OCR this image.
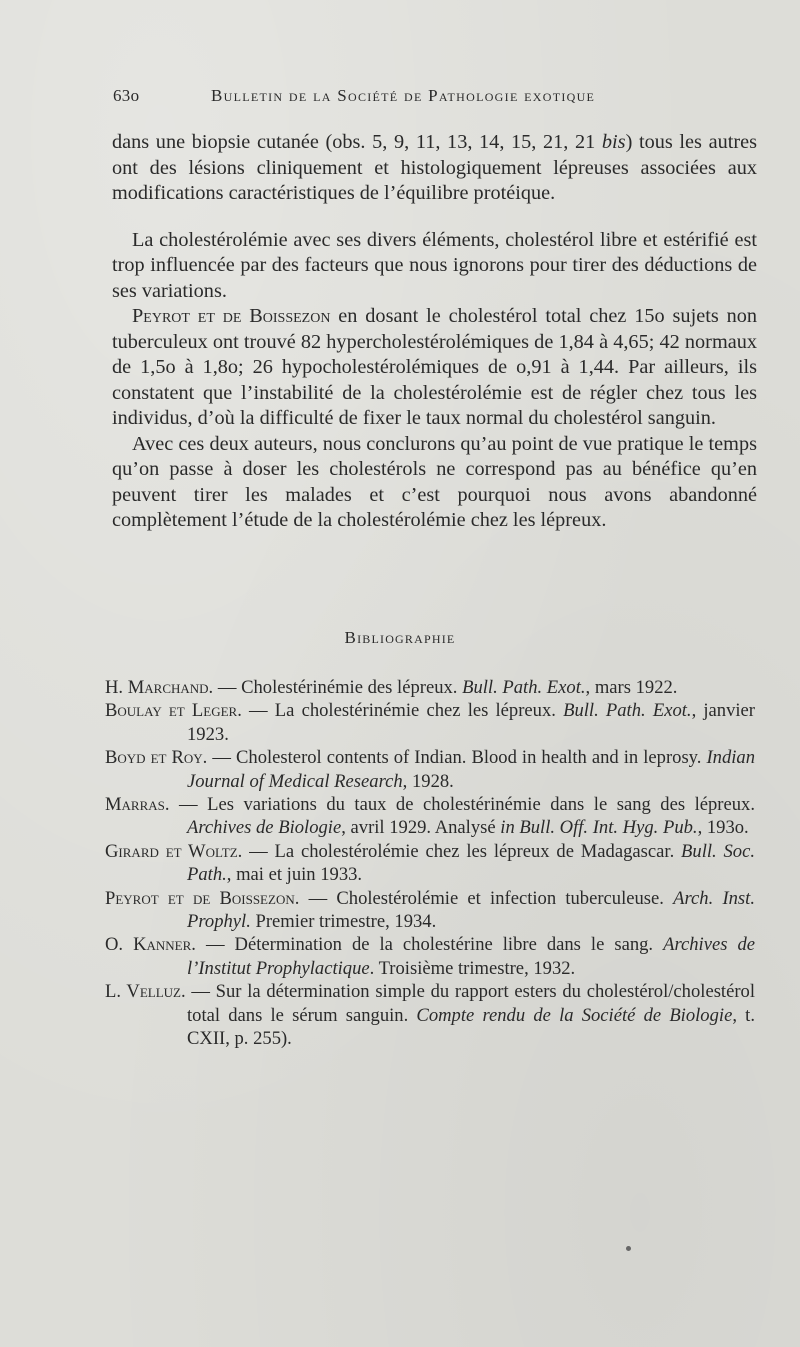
63o	Bulletin de la Société de Pathologie exotique

dans une biopsie cutanée (obs. 5, 9, 11, 13, 14, 15, 21, 21 bis) tous les autres ont des lésions cliniquement et histologiquement lépreuses associées aux modifications caractéristiques de l’équilibre protéique.

La cholestérolémie avec ses divers éléments, cholestérol libre et estérifié est trop influencée par des facteurs que nous ignorons pour tirer des déductions de ses variations.

Peyrot et de Boissezon en dosant le cholestérol total chez 15o sujets non tuberculeux ont trouvé 82 hypercholestérolémiques de 1,84 à 4,65; 42 normaux de 1,5o à 1,8o; 26 hypocholestérolémiques de o,91 à 1,44. Par ailleurs, ils constatent que l’instabilité de la cholestérolémie est de régler chez tous les individus, d’où la difficulté de fixer le taux normal du cholestérol sanguin.

Avec ces deux auteurs, nous conclurons qu’au point de vue pratique le temps qu’on passe à doser les cholestérols ne correspond pas au bénéfice qu’en peuvent tirer les malades et c’est pourquoi nous avons abandonné complètement l’étude de la cholestérolémie chez les lépreux.

Bibliographie

H. Marchand. — Cholestérinémie des lépreux. Bull. Path. Exot., mars 1922.

Boulay et Leger. — La cholestérinémie chez les lépreux. Bull. Path. Exot., janvier 1923.

Boyd et Roy. — Cholesterol contents of Indian. Blood in health and in leprosy. Indian Journal of Medical Research, 1928.

Marras. — Les variations du taux de cholestérinémie dans le sang des lépreux. Archives de Biologie, avril 1929. Analysé in Bull. Off. Int. Hyg. Pub., 193o.

Girard et Woltz. — La cholestérolémie chez les lépreux de Madagascar. Bull. Soc. Path., mai et juin 1933.

Peyrot et de Boissezon. — Cholestérolémie et infection tuberculeuse. Arch. Inst. Prophyl. Premier trimestre, 1934.

O. Kanner. — Détermination de la cholestérine libre dans le sang. Archives de l’Institut Prophylactique. Troisième trimestre, 1932.

L. Velluz. — Sur la détermination simple du rapport esters du cholestérol/cholestérol total dans le sérum sanguin. Compte rendu de la Société de Biologie, t. CXII, p. 255).
